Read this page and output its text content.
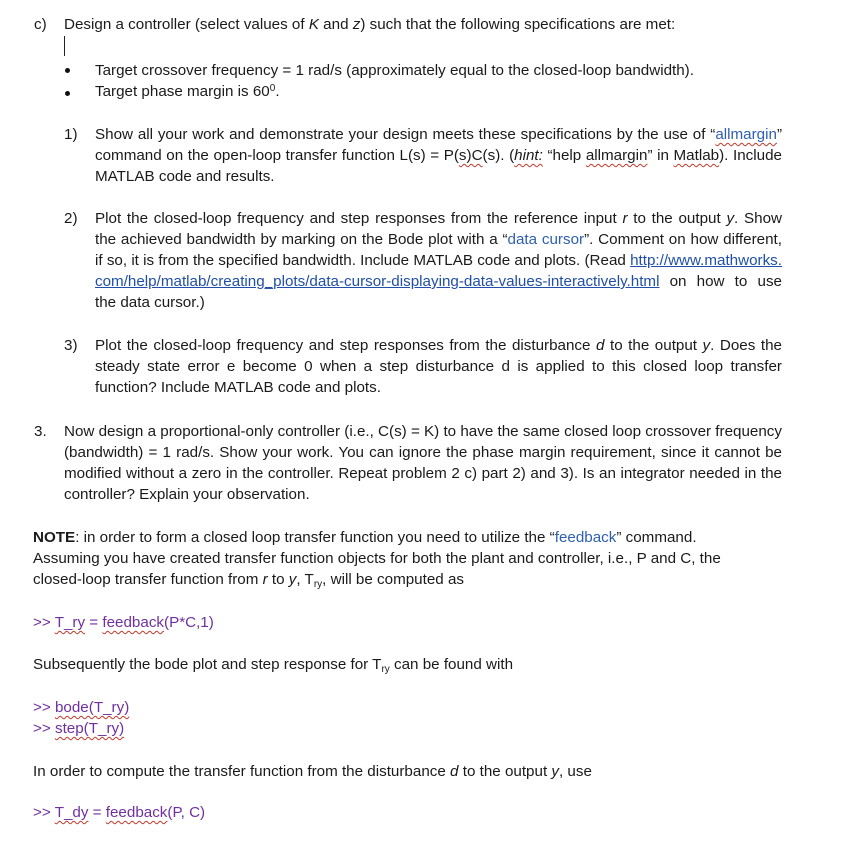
c) Design a controller (select values of K and z) such that the following specifications are met:
Target crossover frequency = 1 rad/s (approximately equal to the closed-loop bandwidth).
Target phase margin is $60^0$.
1) Show all your work and demonstrate your design meets these specifications by the use of “allmargin” command on the open-loop transfer function L(s) = P(s)C(s). (hint: “help allmargin” in Matlab). Include MATLAB code and results.
2) Plot the closed-loop frequency and step responses from the reference input r to the output y. Show the achieved bandwidth by marking on the Bode plot with a “data cursor”. Comment on how different, if so, it is from the specified bandwidth. Include MATLAB code and plots. (Read http://www.mathworks.com/help/matlab/creating_plots/data-cursor-displaying-data-values-interactively.html on how to use the data cursor.)
3) Plot the closed-loop frequency and step responses from the disturbance d to the output y. Does the steady state error e become 0 when a step disturbance d is applied to this closed loop transfer function? Include MATLAB code and plots.
3. Now design a proportional-only controller (i.e., C(s) = K) to have the same closed loop crossover frequency (bandwidth) = 1 rad/s. Show your work. You can ignore the phase margin requirement, since it cannot be modified without a zero in the controller. Repeat problem 2 c) part 2) and 3). Is an integrator needed in the controller? Explain your observation.
NOTE: in order to form a closed loop transfer function you need to utilize the “feedback” command. Assuming you have created transfer function objects for both the plant and controller, i.e., P and C, the closed-loop transfer function from r to y, $T_{ry}$, will be computed as
>> T_ry = feedback(P*C,1)
Subsequently the bode plot and step response for $T_{ry}$ can be found with
>> bode(T_ry)
>> step(T_ry)
In order to compute the transfer function from the disturbance d to the output y, use
>> T_dy = feedback(P, C)
